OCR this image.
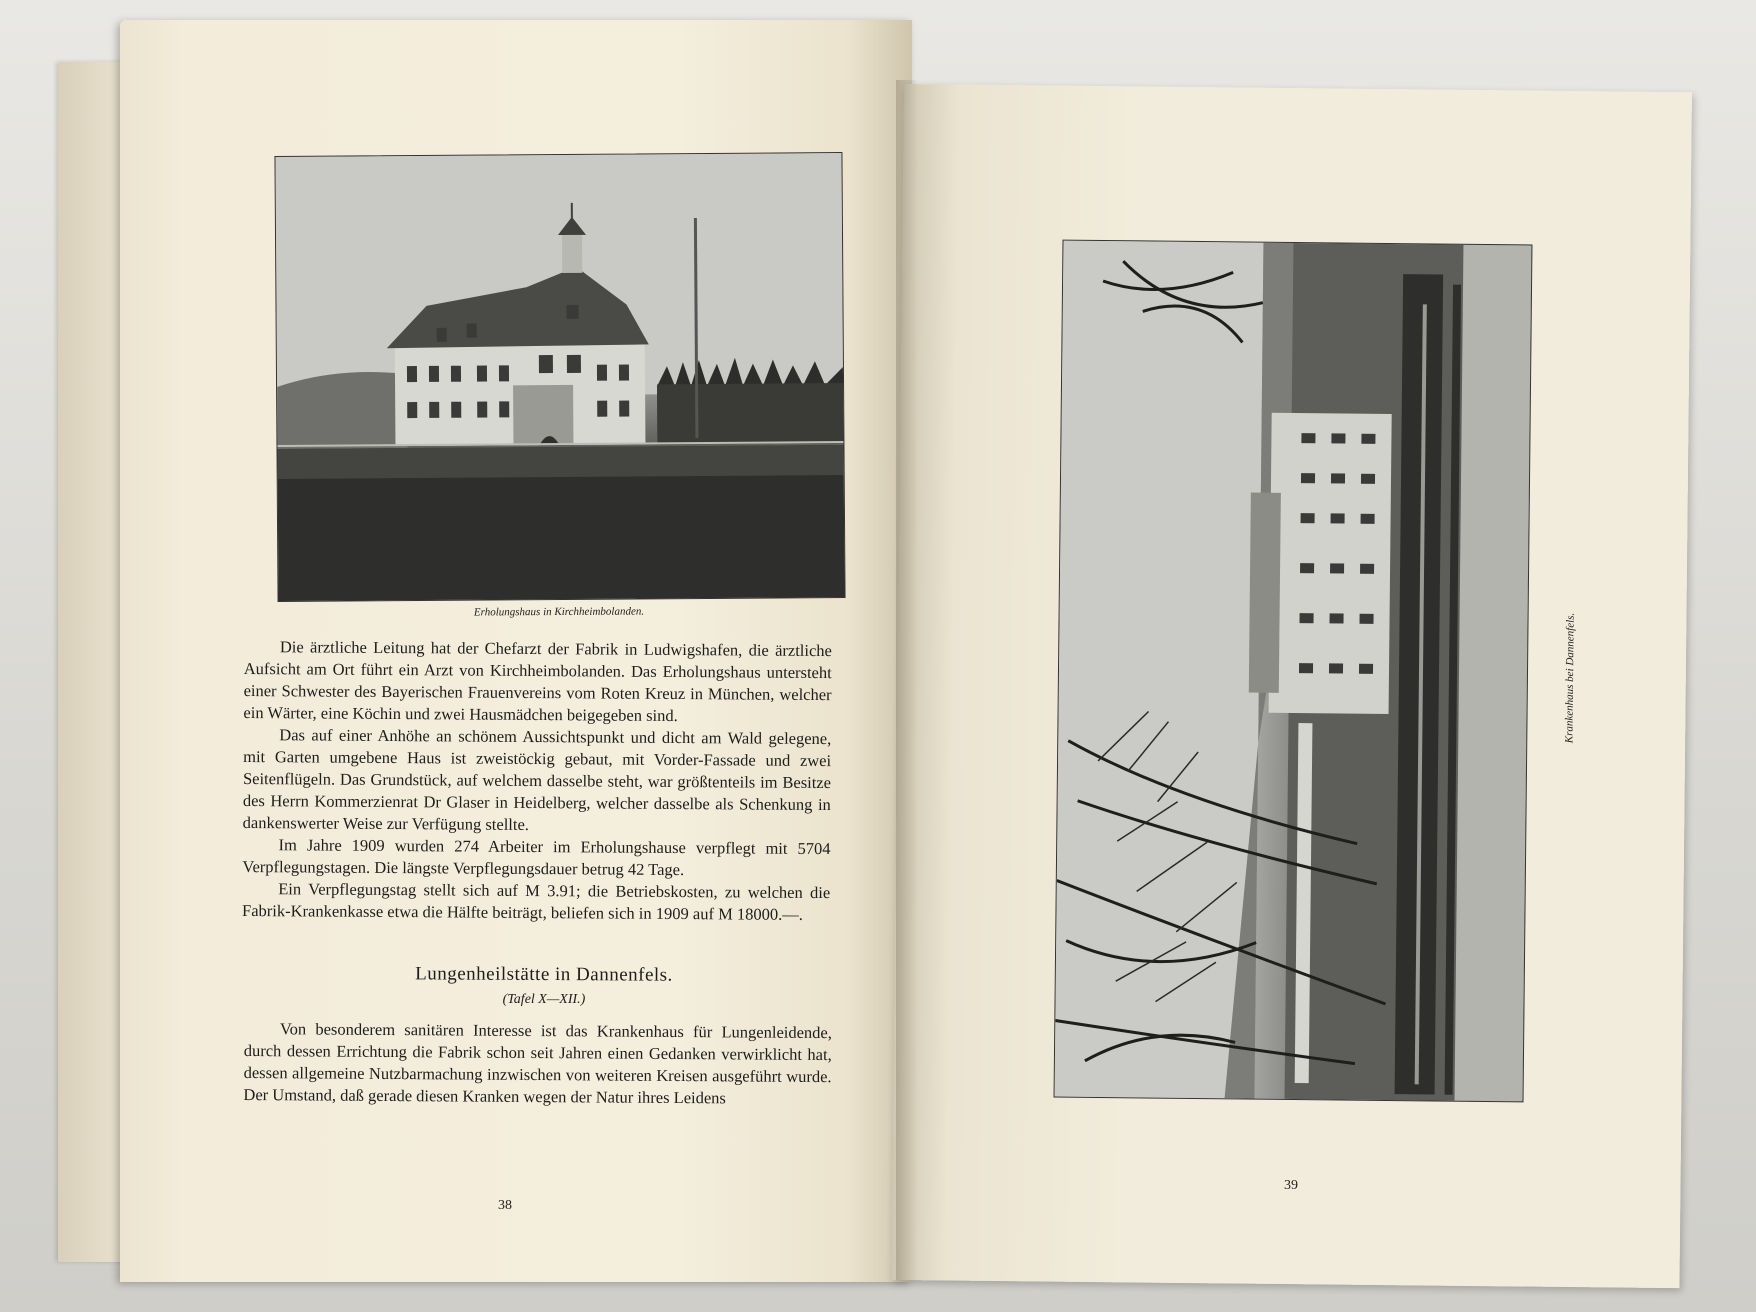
Erholungshaus in Kirchheimbolanden.

Die ärztliche Leitung hat der Chefarzt der Fabrik in Ludwigshafen, die ärztliche Aufsicht am Ort führt ein Arzt von Kirchheimbolanden. Das Erholungshaus untersteht einer Schwester des Bayerischen Frauenvereins vom Roten Kreuz in München, welcher ein Wärter, eine Köchin und zwei Hausmädchen beigegeben sind.

Das auf einer Anhöhe an schönem Aussichtspunkt und dicht am Wald gelegene, mit Garten umgebene Haus ist zweistöckig gebaut, mit Vorder-Fassade und zwei Seitenflügeln. Das Grundstück, auf welchem dasselbe steht, war größtenteils im Besitze des Herrn Kommerzienrat Dr Glaser in Heidelberg, welcher dasselbe als Schenkung in dankenswerter Weise zur Verfügung stellte.

Im Jahre 1909 wurden 274 Arbeiter im Erholungshause verpflegt mit 5704 Verpflegungstagen. Die längste Verpflegungsdauer betrug 42 Tage.

Ein Verpflegungstag stellt sich auf M 3.91; die Betriebskosten, zu welchen die Fabrik-Krankenkasse etwa die Hälfte beiträgt, beliefen sich in 1909 auf M 18000.—.

Lungenheilstätte in Dannenfels.
(Tafel X—XII.)

Von besonderem sanitären Interesse ist das Krankenhaus für Lungenleidende, durch dessen Errichtung die Fabrik schon seit Jahren einen Gedanken verwirklicht hat, dessen allgemeine Nutzbarmachung inzwischen von weiteren Kreisen ausgeführt wurde. Der Umstand, daß gerade diesen Kranken wegen der Natur ihres Leidens

38
Krankenhaus bei Dannenfels.
39
